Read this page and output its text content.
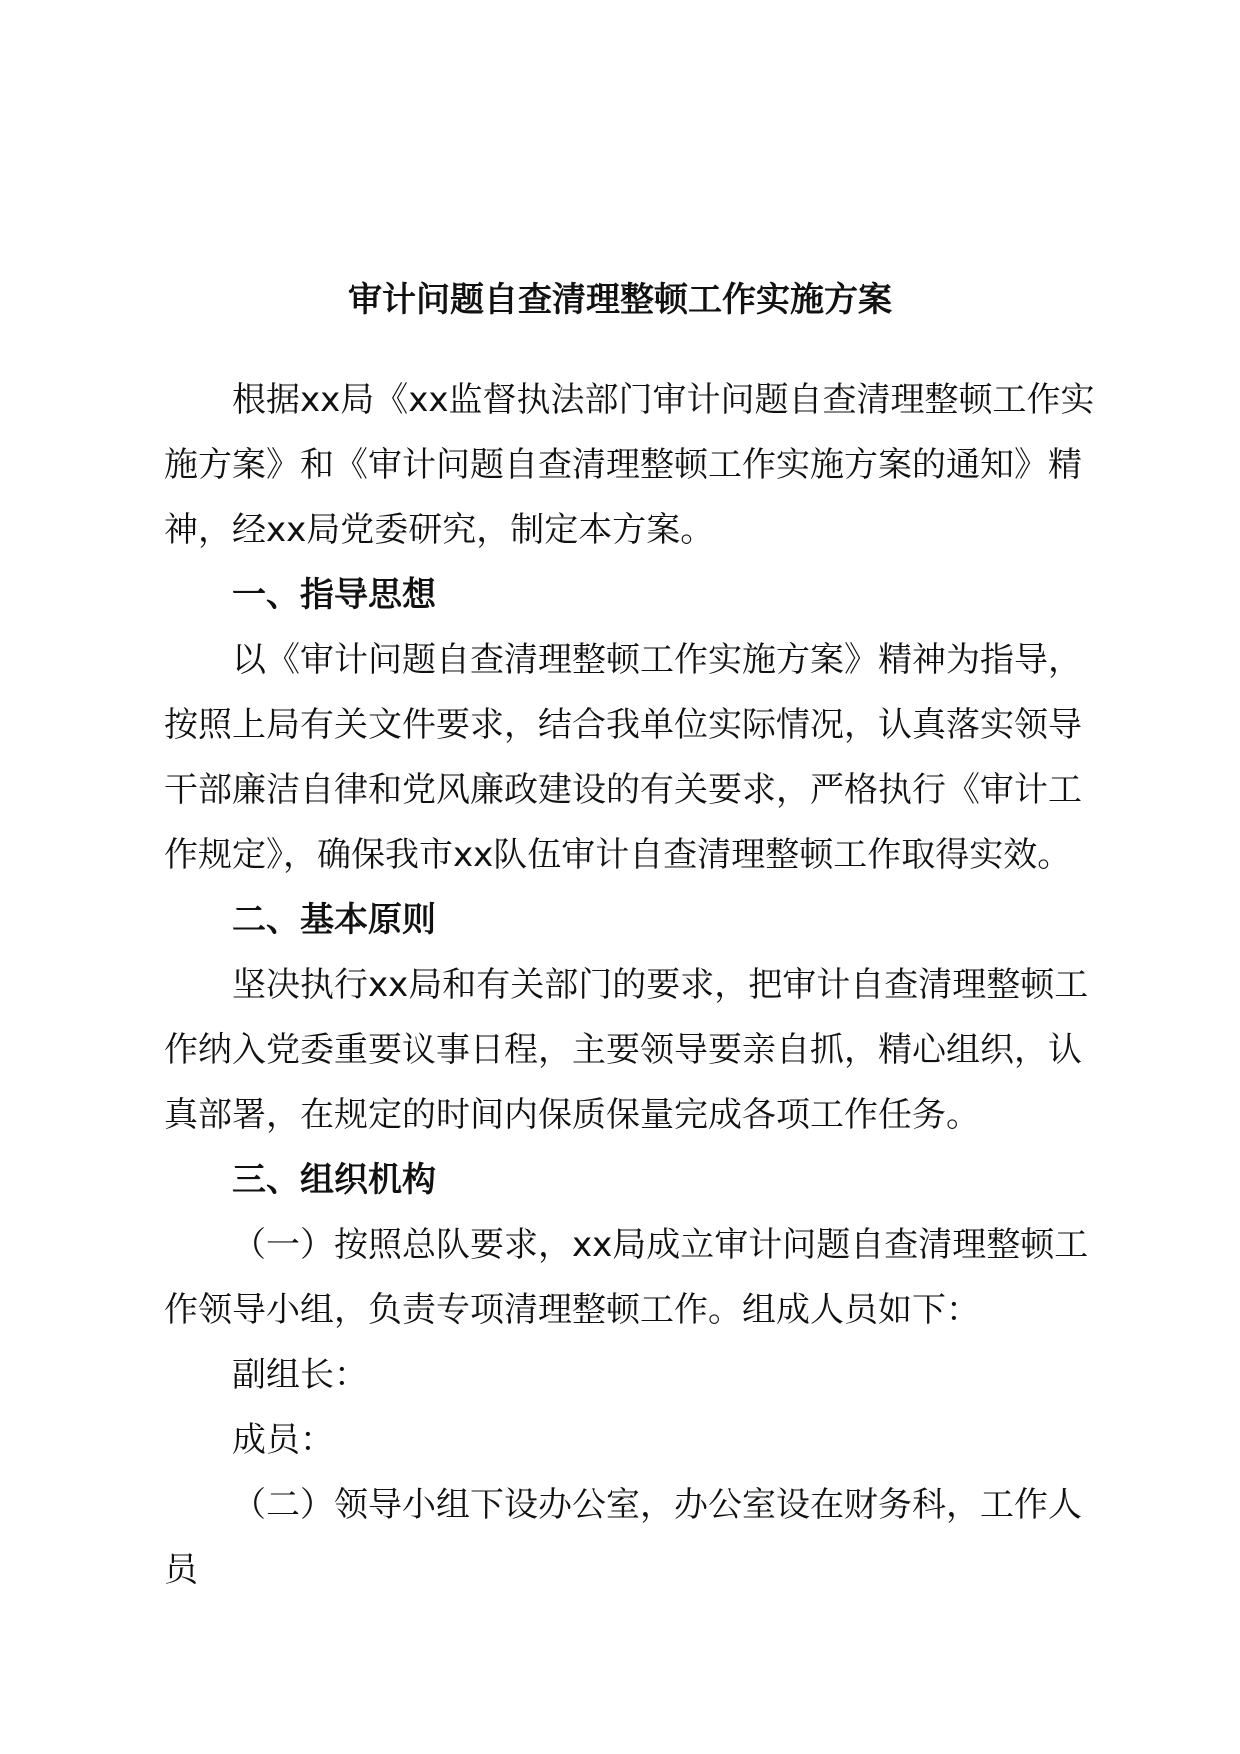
审计问题自查清理整顿工作实施方案

根据xx局《xx监督执法部门审计问题自查清理整顿工作实施方案》和《审计问题自查清理整顿工作实施方案的通知》精神，经xx局党委研究，制定本方案。

一、指导思想

以《审计问题自查清理整顿工作实施方案》精神为指导，按照上局有关文件要求，结合我单位实际情况，认真落实领导干部廉洁自律和党风廉政建设的有关要求，严格执行《审计工作规定》，确保我市xx队伍审计自查清理整顿工作取得实效。

二、基本原则

坚决执行xx局和有关部门的要求，把审计自查清理整顿工作纳入党委重要议事日程，主要领导要亲自抓，精心组织，认真部署，在规定的时间内保质保量完成各项工作任务。

三、组织机构

（一）按照总队要求，xx局成立审计问题自查清理整顿工作领导小组，负责专项清理整顿工作。组成人员如下：

副组长：

成员：

（二）领导小组下设办公室，办公室设在财务科，工作人员
